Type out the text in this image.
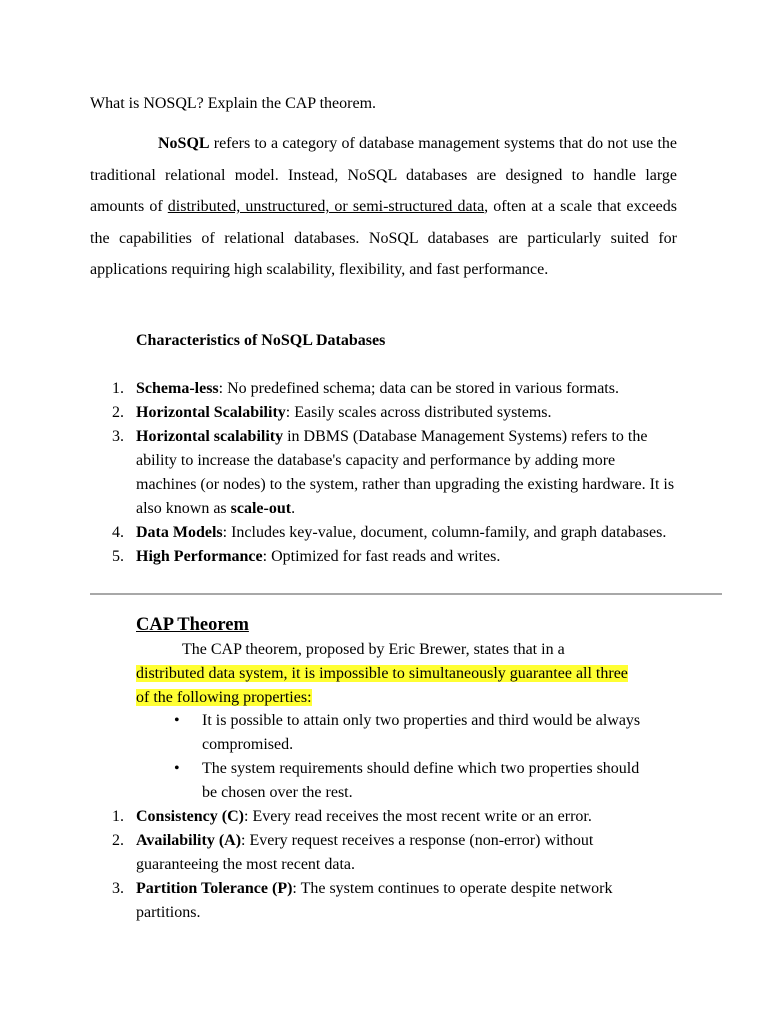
What is NOSQL? Explain the CAP theorem.
NoSQL refers to a category of database management systems that do not use the traditional relational model. Instead, NoSQL databases are designed to handle large amounts of distributed, unstructured, or semi-structured data, often at a scale that exceeds the capabilities of relational databases. NoSQL databases are particularly suited for applications requiring high scalability, flexibility, and fast performance.
Characteristics of NoSQL Databases
1. Schema-less: No predefined schema; data can be stored in various formats.
2. Horizontal Scalability: Easily scales across distributed systems.
3. Horizontal scalability in DBMS (Database Management Systems) refers to the ability to increase the database's capacity and performance by adding more machines (or nodes) to the system, rather than upgrading the existing hardware. It is also known as scale-out.
4. Data Models: Includes key-value, document, column-family, and graph databases.
5. High Performance: Optimized for fast reads and writes.
CAP Theorem
The CAP theorem, proposed by Eric Brewer, states that in a
distributed data system, it is impossible to simultaneously guarantee all three
of the following properties:
• It is possible to attain only two properties and third would be always compromised.
• The system requirements should define which two properties should be chosen over the rest.
1. Consistency (C): Every read receives the most recent write or an error.
2. Availability (A): Every request receives a response (non-error) without guaranteeing the most recent data.
3. Partition Tolerance (P): The system continues to operate despite network partitions.
